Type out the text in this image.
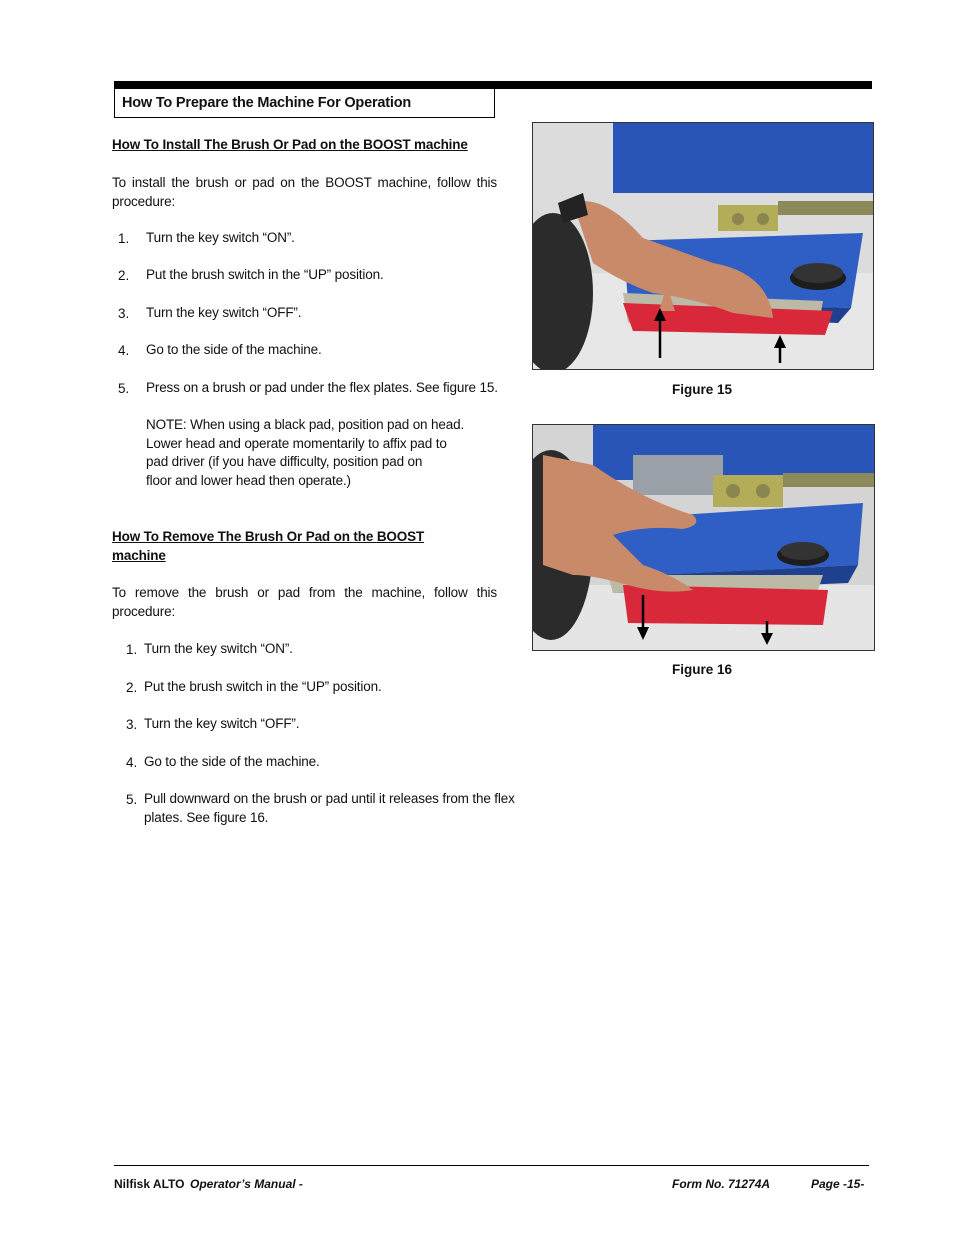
How To Prepare the Machine For Operation
How To Install The Brush Or Pad on the BOOST machine
To install the brush or pad on the BOOST machine, follow this procedure:
1. Turn the key switch “ON”.
2. Put the brush switch in the “UP” position.
3. Turn the key switch “OFF”.
4. Go to the side of the machine.
5. Press on a brush or pad under the flex plates. See figure 15.
NOTE: When using a black pad, position pad on head.
Lower head and operate momentarily to affix pad to
pad driver (if you have difficulty, position pad on
floor and lower head then operate.)
How To Remove The Brush Or Pad on the BOOST
machine
To remove the brush or pad from the machine, follow this procedure:
1. Turn the key switch “ON”.
2. Put the brush switch in the “UP” position.
3. Turn the key switch “OFF”.
4. Go to the side of the machine.
5. Pull downward on the brush or pad until it releases from the flex
plates. See figure 16.
Figure 15
Figure 16
Nilfisk ALTO Operator’s Manual -	Form No. 71274A	Page -15-
